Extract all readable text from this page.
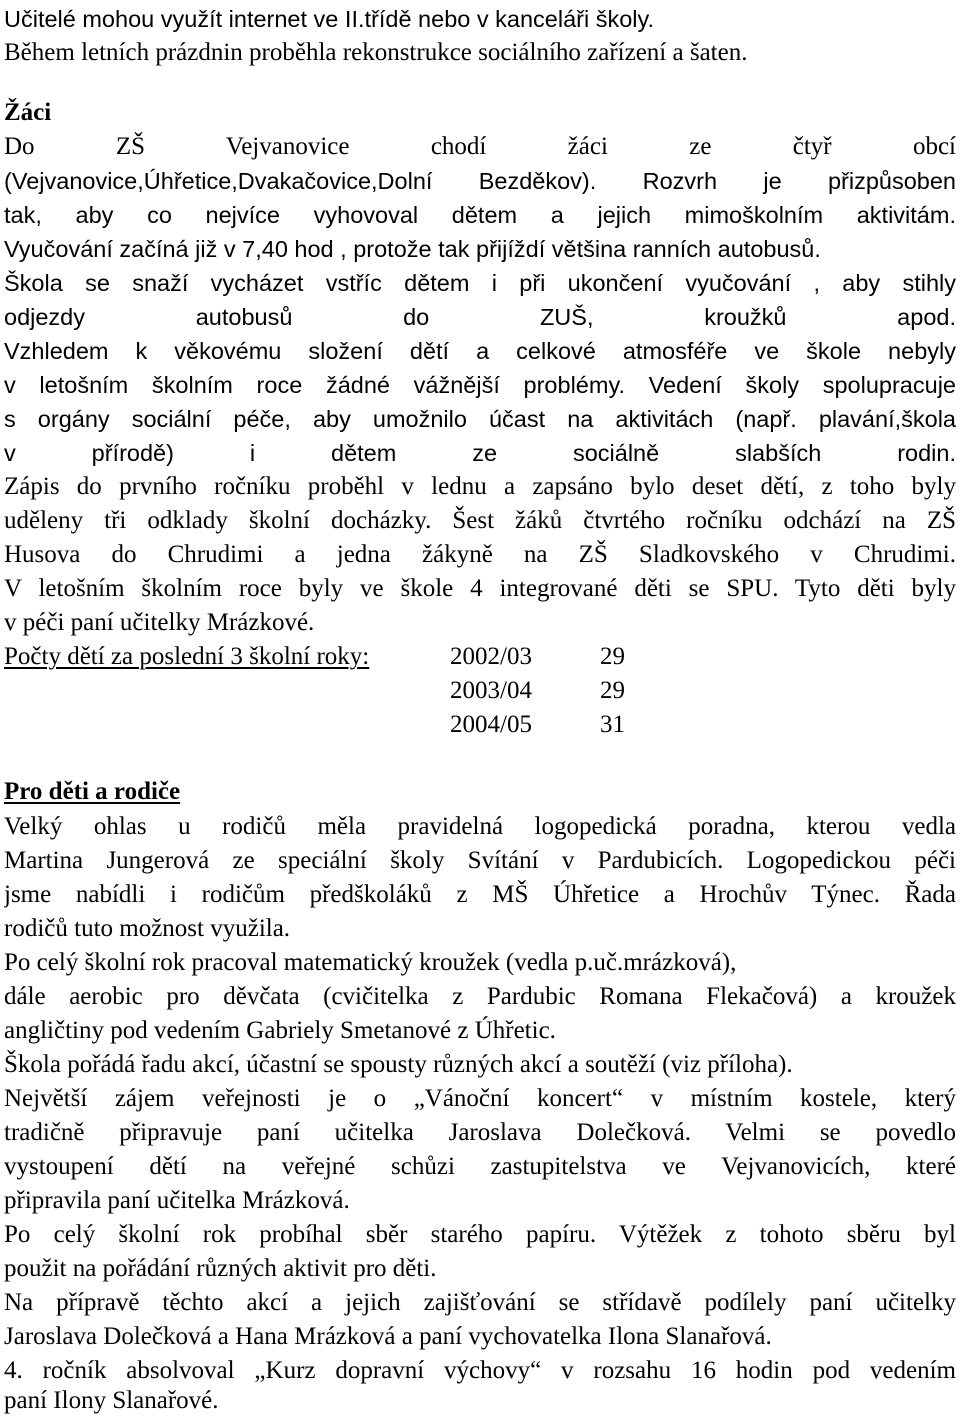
Učitelé mohou využít internet ve II.třídě nebo v kanceláři školy.
Během letních prázdnin proběhla rekonstrukce sociálního zařízení a šaten.
Žáci
Do ZŠ Vejvanovice chodí žáci ze čtyř obcí
(Vejvanovice,Úhřetice,Dvakačovice,Dolní Bezděkov). Rozvrh je přizpůsoben
tak, aby co nejvíce vyhovoval dětem a jejich mimoškolním aktivitám.
Vyučování začíná již v 7,40 hod , protože tak přijíždí většina ranních autobusů.
Škola se snaží vycházet vstříc dětem i při ukončení vyučování , aby stihly
odjezdy autobusů do ZUŠ, kroužků apod.
Vzhledem k věkovému složení dětí a celkové atmosféře ve škole nebyly
v letošním školním roce žádné vážnější problémy. Vedení školy spolupracuje
s orgány sociální péče, aby umožnilo účast na aktivitách (např. plavání,škola
v přírodě) i dětem ze sociálně slabších rodin.
Zápis do prvního ročníku proběhl v lednu a zapsáno bylo deset dětí, z toho byly
uděleny tři odklady školní docházky. Šest žáků čtvrtého ročníku odchází na ZŠ
Husova do Chrudimi a jedna žákyně na ZŠ Sladkovského v Chrudimi.
V letošním školním roce byly ve škole 4 integrované děti se SPU. Tyto děti byly
v péči paní učitelky Mrázkové.
Počty dětí za poslední 3 školní roky:	2002/03	29
2003/04	29
2004/05	31
Pro děti a rodiče
Velký ohlas u rodičů měla pravidelná logopedická poradna, kterou vedla
Martina Jungerová ze speciální školy Svítání v Pardubicích. Logopedickou péči
jsme nabídli i rodičům předškoláků z MŠ Úhřetice a Hrochův Týnec. Řada
rodičů tuto možnost využila.
Po celý školní rok pracoval matematický kroužek (vedla p.uč.mrázková),
dále aerobic pro děvčata (cvičitelka z Pardubic Romana Flekačová) a kroužek
angličtiny pod vedením Gabriely Smetanové z Úhřetic.
Škola pořádá řadu akcí, účastní se spousty různých akcí a soutěží (viz příloha).
Největší zájem veřejnosti je o „Vánoční koncert“ v místním kostele, který
tradičně připravuje paní učitelka Jaroslava Dolečková. Velmi se povedlo
vystoupení dětí na veřejné schůzi zastupitelstva ve Vejvanovicích, které
připravila paní učitelka Mrázková.
Po celý školní rok probíhal sběr starého papíru. Výtěžek z tohoto sběru byl
použit na pořádání různých aktivit pro děti.
Na přípravě těchto akcí a jejich zajišťování se střídavě podílely paní učitelky
Jaroslava Dolečková a Hana Mrázková a paní vychovatelka Ilona Slanařová.
4. ročník absolvoval „Kurz dopravní výchovy“ v rozsahu 16 hodin pod vedením
paní Ilony Slanařové.
